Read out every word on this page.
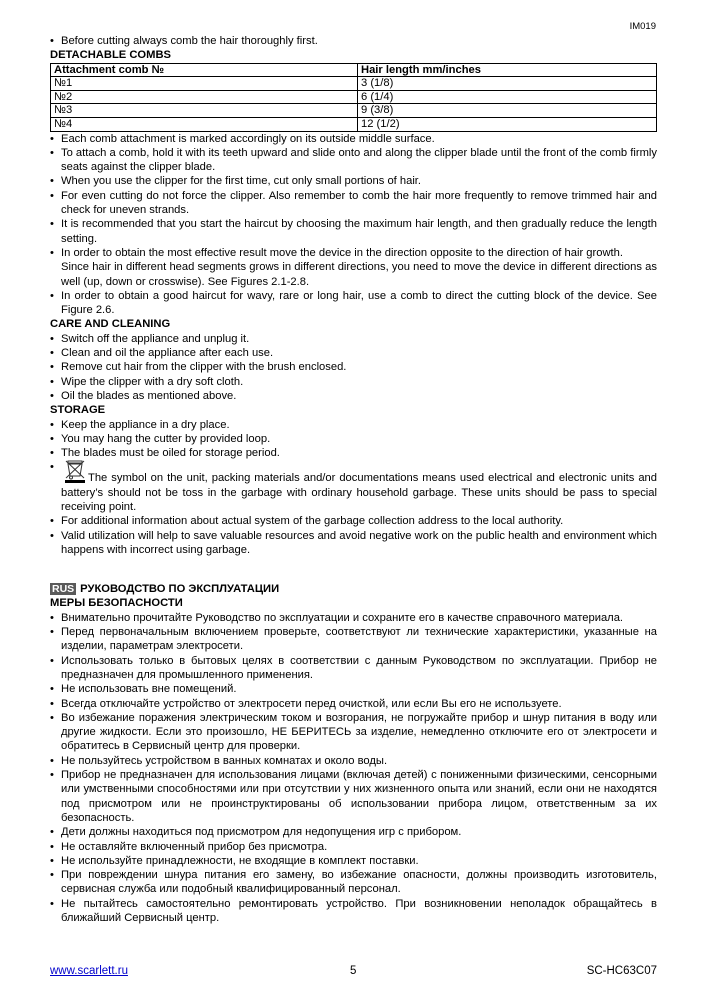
IM019
• Before cutting always comb the hair thoroughly first.
DETACHABLE COMBS
Attachment comb №	Hair length mm/inches
№1	3 (1/8)
№2	6 (1/4)
№3	9 (3/8)
№4	12 (1/2)
• Each comb attachment is marked accordingly on its outside middle surface.
• To attach a comb, hold it with its teeth upward and slide onto and along the clipper blade until the front of the comb firmly seats against the clipper blade.
• When you use the clipper for the first time, cut only small portions of hair.
• For even cutting do not force the clipper. Also remember to comb the hair more frequently to remove trimmed hair and check for uneven strands.
• It is recommended that you start the haircut by choosing the maximum hair length, and then gradually reduce the length setting.

• In order to obtain the most effective result move the device in the direction opposite to the direction of hair growth.

Since hair in different head segments grows in different directions, you need to move the device in different directions as well (up, down or crosswise). See Figures 2.1-2.8.

• In order to obtain a good haircut for wavy, rare or long hair, use a comb to direct the cutting block of the device. See Figure 2.6.
CARE AND CLEANING
• Switch off the appliance and unplug it.
• Clean and oil the appliance after each use.
• Remove cut hair from the clipper with the brush enclosed.
• Wipe the clipper with a dry soft cloth.
• Oil the blades as mentioned above.
STORAGE
• Keep the appliance in a dry place.
• You may hang the cutter by provided loop.
• The blades must be oiled for storage period.
• The symbol on the unit, packing materials and/or documentations means used electrical and electronic units and battery’s should not be toss in the garbage with ordinary household garbage. These units should be pass to special receiving point.
• For additional information about actual system of the garbage collection address to the local authority.
• Valid utilization will help to save valuable resources and avoid negative work on the public health and environment which happens with incorrect using garbage.
RUS РУКОВОДСТВО ПО ЭКСПЛУАТАЦИИ
МЕРЫ БЕЗОПАСНОСТИ
• Внимательно прочитайте Руководство по эксплуатации и сохраните его в качестве справочного материала.
• Перед первоначальным включением проверьте, соответствуют ли технические характеристики, указанные на изделии, параметрам электросети.
• Использовать только в бытовых целях в соответствии с данным Руководством по эксплуатации. Прибор не предназначен для промышленного применения.
• Не использовать вне помещений.
• Всегда отключайте устройство от электросети перед очисткой, или если Вы его не используете.
• Во избежание поражения электрическим током и возгорания, не погружайте прибор и шнур питания в воду или другие жидкости. Если это произошло, НЕ БЕРИТЕСЬ за изделие, немедленно отключите его от электросети и обратитесь в Сервисный центр для проверки.
• Не пользуйтесь устройством в ванных комнатах и около воды.
• Прибор не предназначен для использования лицами (включая детей) с пониженными физическими, сенсорными или умственными способностями или при отсутствии у них жизненного опыта или знаний, если они не находятся под присмотром или не проинструктированы об использовании прибора лицом, ответственным за их безопасность.
• Дети должны находиться под присмотром для недопущения игр с прибором.
• Не оставляйте включенный прибор без присмотра.
• Не используйте принадлежности, не входящие в комплект поставки.
• При повреждении шнура питания его замену, во избежание опасности, должны производить изготовитель, сервисная служба или подобный квалифицированный персонал.
• Не пытайтесь самостоятельно ремонтировать устройство. При возникновении неполадок обращайтесь в ближайший Сервисный центр.
www.scarlett.ru	5	SC-HC63C07
